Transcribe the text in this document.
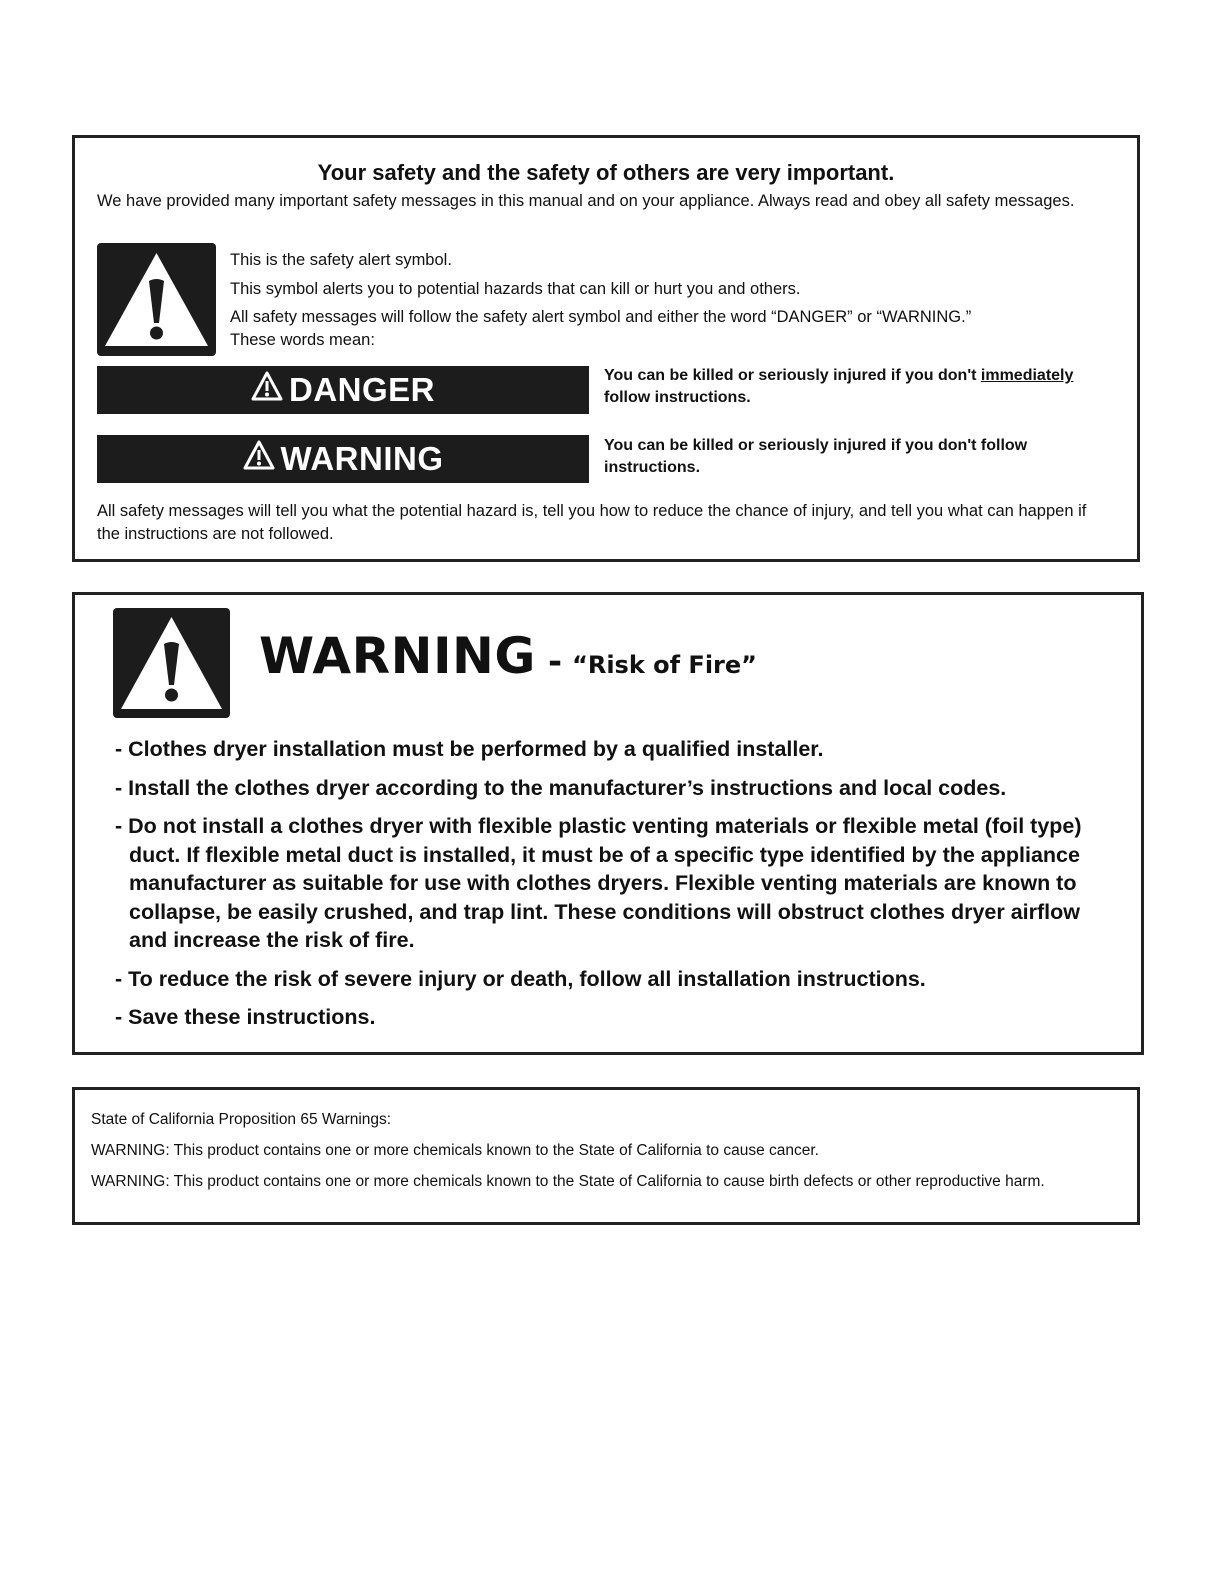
Your safety and the safety of others are very important.
We have provided many important safety messages in this manual and on your appliance. Always read and obey all safety messages.
This is the safety alert symbol.
This symbol alerts you to potential hazards that can kill or hurt you and others.
All safety messages will follow the safety alert symbol and either the word “DANGER” or “WARNING.”
These words mean:
DANGER	You can be killed or seriously injured if you don't immediately follow instructions.
WARNING	You can be killed or seriously injured if you don't follow instructions.
All safety messages will tell you what the potential hazard is, tell you how to reduce the chance of injury, and tell you what can happen if the instructions are not followed.
WARNING - “Risk of Fire”
- Clothes dryer installation must be performed by a qualified installer.
- Install the clothes dryer according to the manufacturer’s instructions and local codes.
- Do not install a clothes dryer with flexible plastic venting materials or flexible metal (foil type) duct. If flexible metal duct is installed, it must be of a specific type identified by the appliance manufacturer as suitable for use with clothes dryers. Flexible venting materials are known to collapse, be easily crushed, and trap lint. These conditions will obstruct clothes dryer airflow and increase the risk of fire.
- To reduce the risk of severe injury or death, follow all installation instructions.
- Save these instructions.
State of California Proposition 65 Warnings:
WARNING: This product contains one or more chemicals known to the State of California to cause cancer.
WARNING: This product contains one or more chemicals known to the State of California to cause birth defects or other reproductive harm.
